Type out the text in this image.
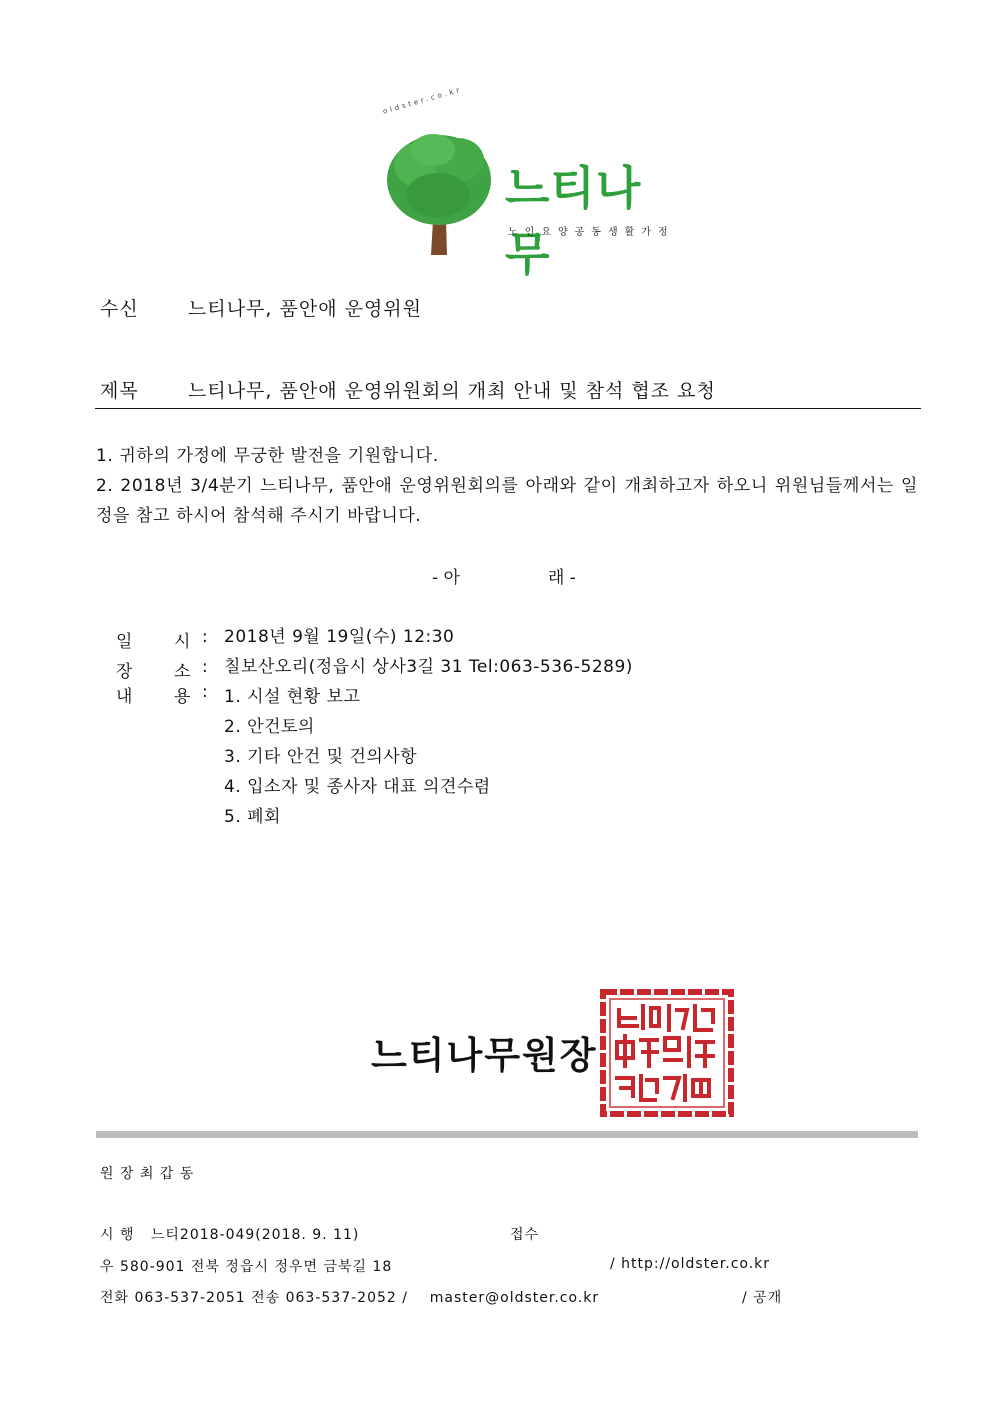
oldster.co.kr
느티나무
노인요양공동생활가정
수신	느티나무, 품안애 운영위원
제목	느티나무, 품안애 운영위원회의 개최 안내 및 참석 협조 요청
1. 귀하의 가정에 무궁한 발전을 기원합니다.
2. 2018년 3/4분기 느티나무, 품안애 운영위원회의를 아래와 같이 개최하고자 하오니 위원님들께서는 일정을 참고 하시어 참석해 주시기 바랍니다.
- 아	래 -
일 시 : 2018년 9월 19일(수) 12:30
장 소 : 칠보산오리(정읍시 상사3길 31 Tel:063-536-5289)
내 용 : 1. 시설 현황 보고
2. 안건토의
3. 기타 안건 및 건의사항
4. 입소자 및 종사자 대표 의견수렴
5. 폐회
느티나무원장
원 장 최 갑 동
시 행 느티2018-049(2018. 9. 11)	접수
우 580-901 전북 정읍시 정우면 금북길 18	/ http://oldster.co.kr
전화 063-537-2051 전송 063-537-2052 /    master@oldster.co.kr	/ 공개
